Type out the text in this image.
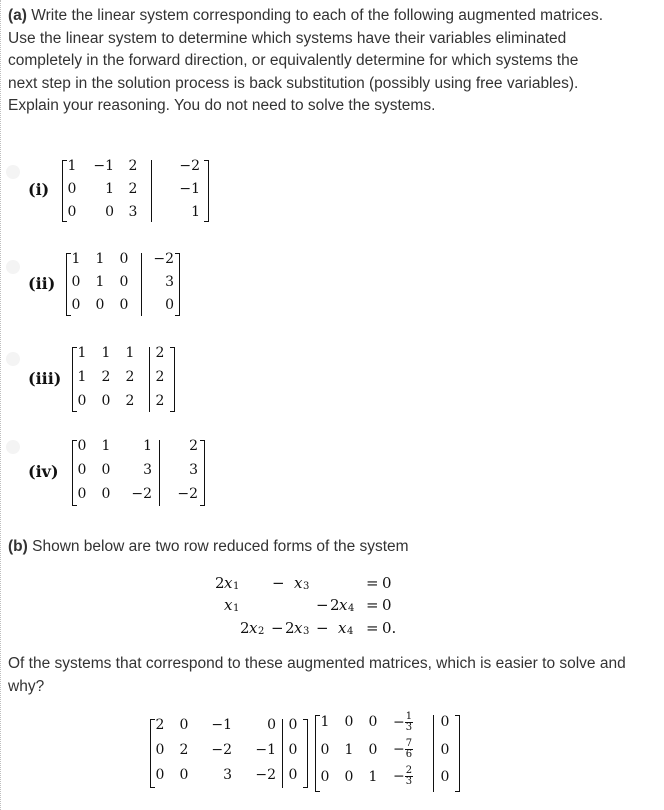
(a) Write the linear system corresponding to each of the following augmented matrices. Use the linear system to determine which systems have their variables eliminated completely in the forward direction, or equivalently determine for which systems the next step in the solution process is back substitution (possibly using free variables). Explain your reasoning. You do not need to solve the systems.

(i)
1	−1 2	−2
0	1 2	−1
0	0 3	1
(ii)
1 1 0	−2
0 1 0	3
0 0 0	0
(iii)
1 1 1 2
1 2 2 2
0 0 2 2
(iv)
0 1	1	2
0 0	3	3
0 0	−2	−2

(b) Shown below are two row reduced forms of the system

2 x 1 − x 3	= 0
x 1	− 2 x 4 = 0
2 x 2 − 2 x 3 − x 4 = 0.

Of the systems that correspond to these augmented matrices, which is easier to solve and why?

2 0	−1	0 0
0 2	−2	−1 0
0 0	3	−2 0
1 0 $0 - \frac{1}{3} 0$
0 1 $0 - \frac{7}{6} 0$
0 0 $1 - \frac{2}{3} 0$
